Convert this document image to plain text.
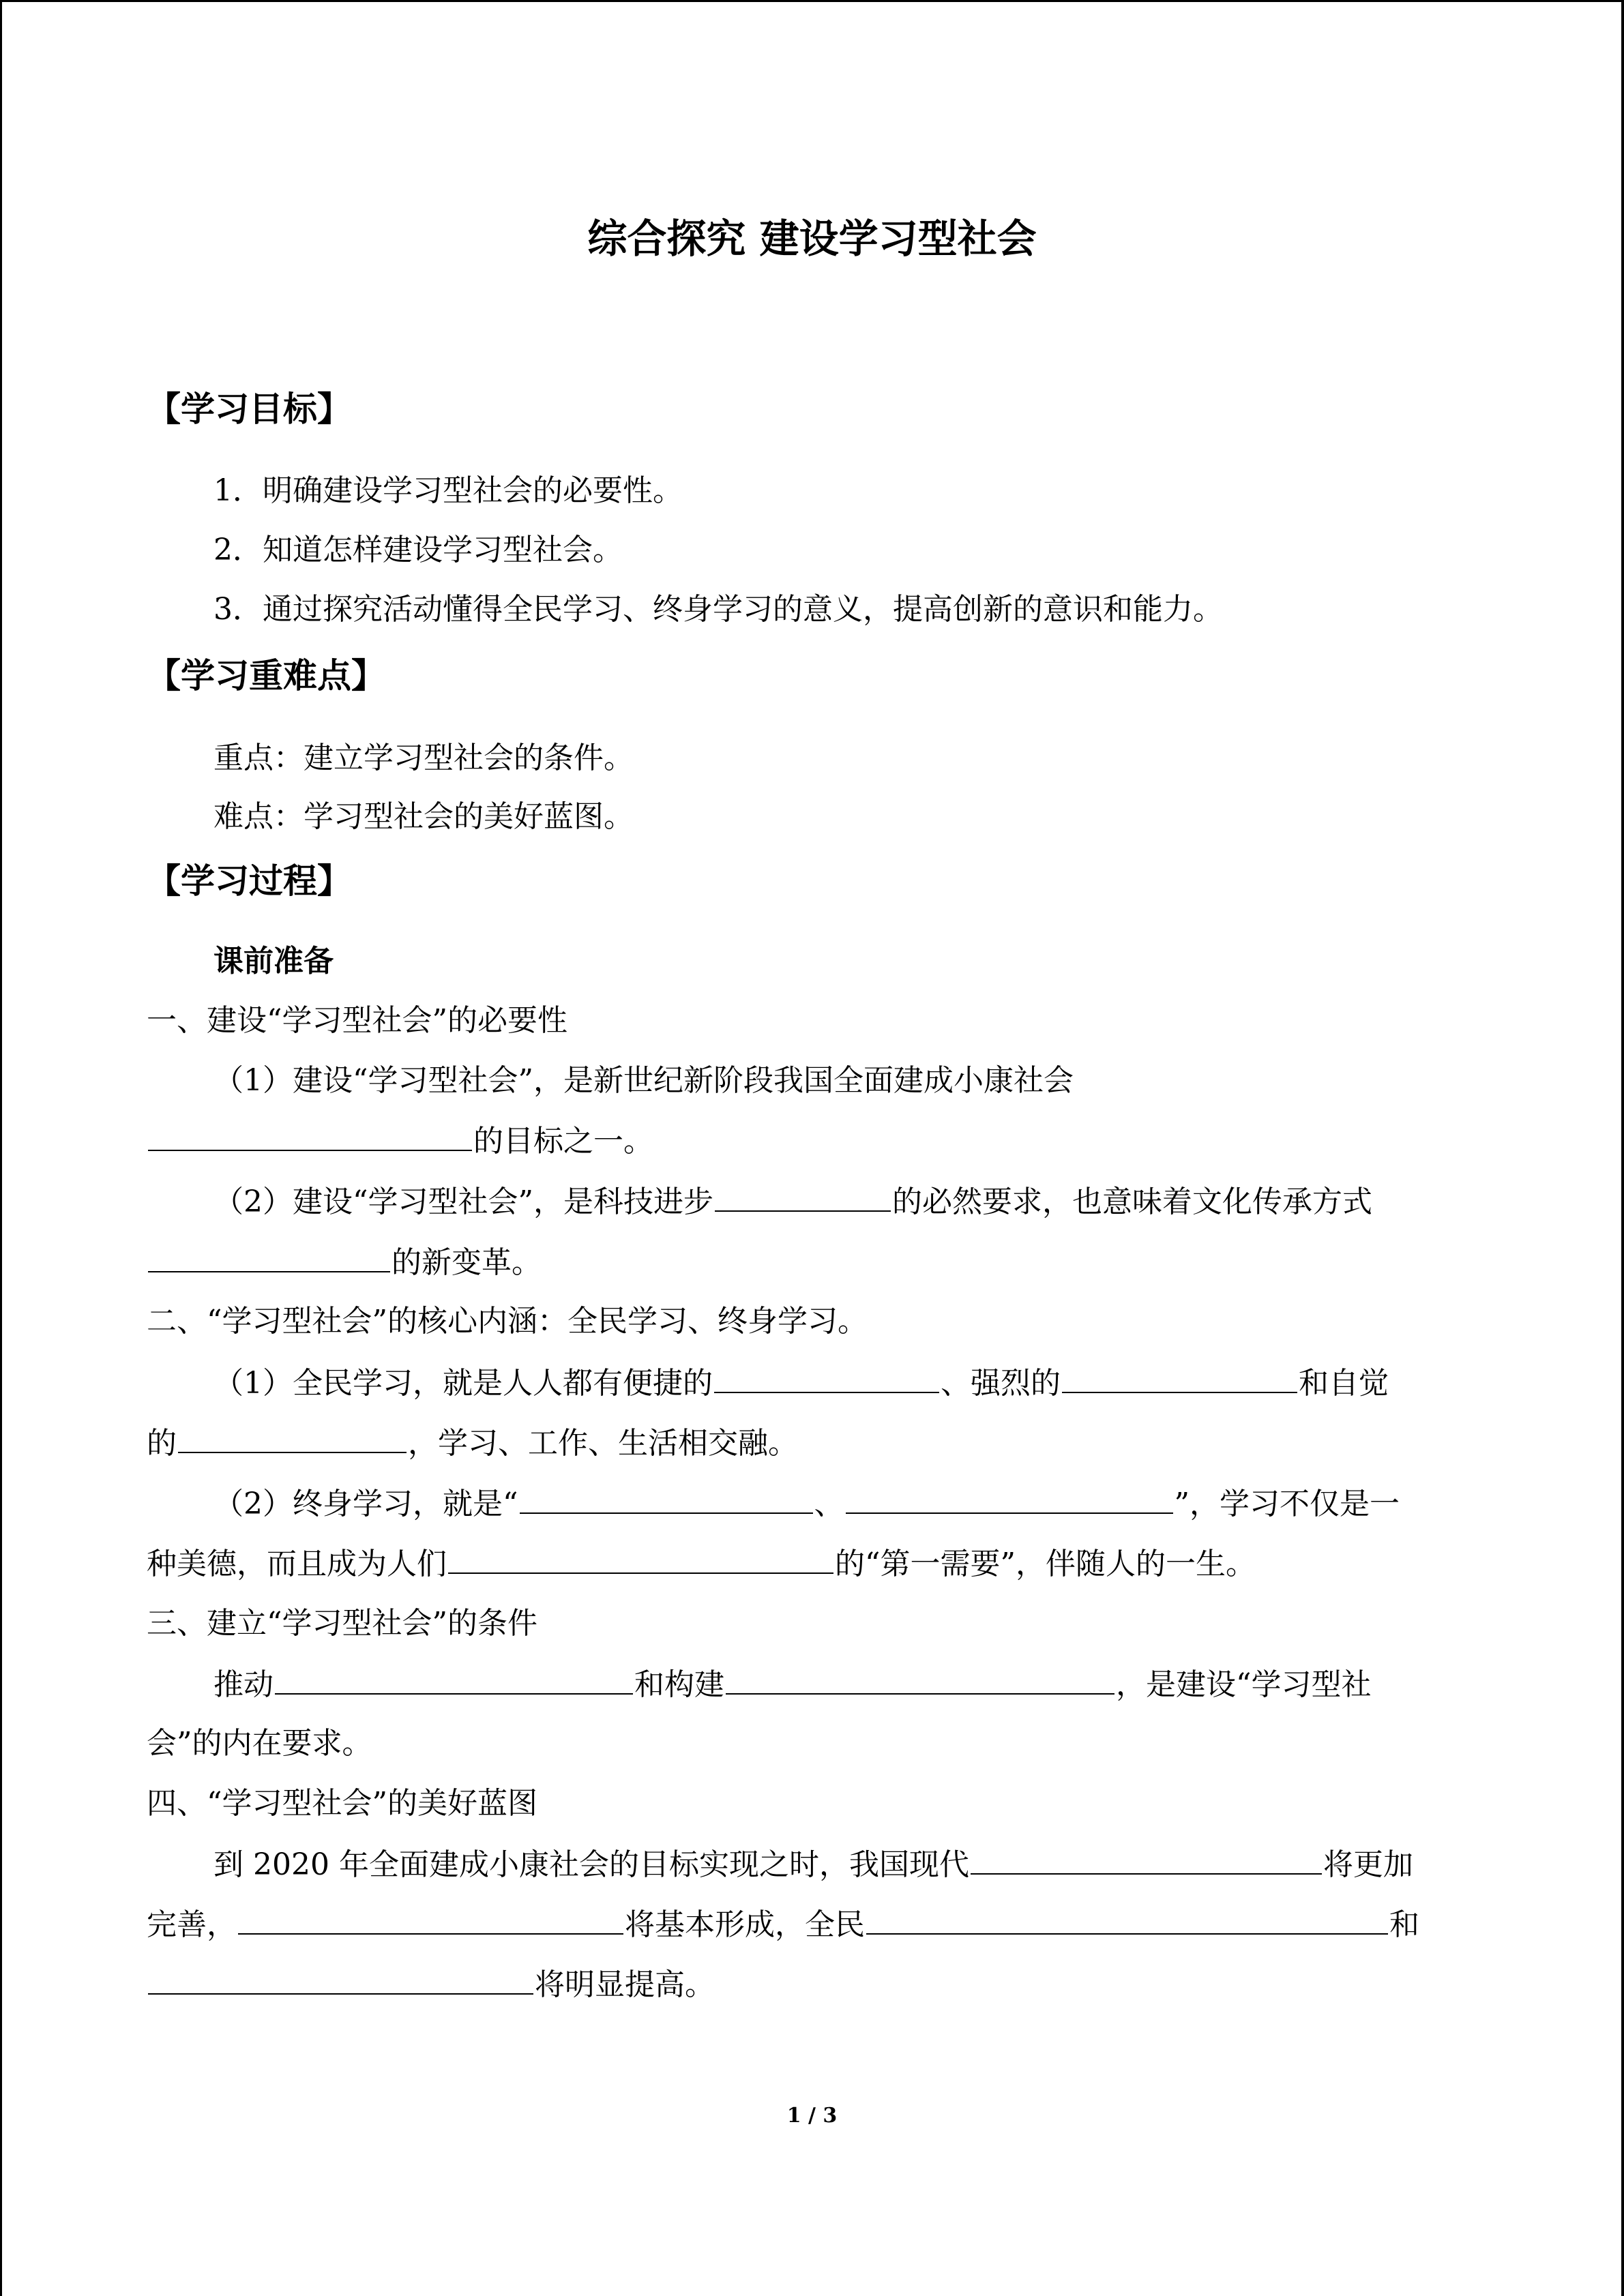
综合探究 建设学习型社会
【学习目标】
1．明确建设学习型社会的必要性。
2．知道怎样建设学习型社会。
3．通过探究活动懂得全民学习、终身学习的意义，提高创新的意识和能力。
【学习重难点】
重点：建立学习型社会的条件。
难点：学习型社会的美好蓝图。
【学习过程】
课前准备
一、建设“学习型社会”的必要性
（1）建设“学习型社会”，是新世纪新阶段我国全面建成小康社会
的目标之一。
（2）建设“学习型社会”，是科技进步	的必然要求，也意味着文化传承方式
的新变革。
二、“学习型社会”的核心内涵：全民学习、终身学习。
（1）全民学习，就是人人都有便捷的	、强烈的	和自觉
的	，学习、工作、生活相交融。
（2）终身学习，就是“	、	”，学习不仅是一
种美德，而且成为人们	的“第一需要”，伴随人的一生。
三、建立“学习型社会”的条件
推动	和构建	，是建设“学习型社
会”的内在要求。
四、“学习型社会”的美好蓝图
到 2020 年全面建成小康社会的目标实现之时，我国现代	将更加
完善，	将基本形成，全民	和
将明显提高。
1 / 3
